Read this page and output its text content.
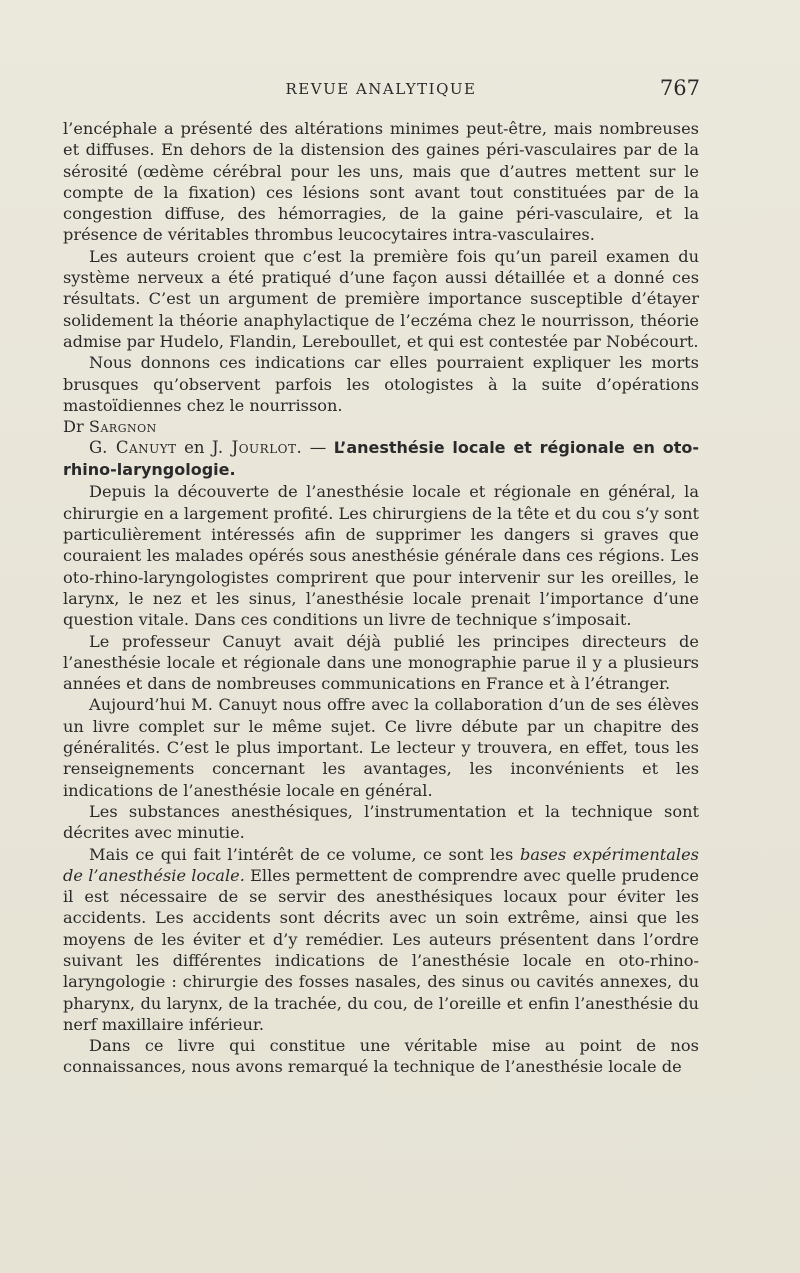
REVUE ANALYTIQUE	767

l’encéphale a présenté des altérations minimes peut-être, mais nombreuses et diffuses. En dehors de la distension des gaines péri-vasculaires par de la sérosité (œdème cérébral pour les uns, mais que d’autres mettent sur le compte de la fixation) ces lésions sont avant tout constituées par de la congestion diffuse, des hémorragies, de la gaine péri-vasculaire, et la présence de véritables thrombus leucocytaires intra-vasculaires.

Les auteurs croient que c’est la première fois qu’un pareil examen du système nerveux a été pratiqué d’une façon aussi détaillée et a donné ces résultats. C’est un argument de première importance susceptible d’étayer solidement la théorie anaphylactique de l’eczéma chez le nourrisson, théorie admise par Hudelo, Flandin, Lereboullet, et qui est contestée par Nobécourt.

Nous donnons ces indications car elles pourraient expliquer les morts brusques qu’observent parfois les otologistes à la suite d’opérations mastoïdiennes chez le nourrisson.

Dr Sargnon

G. Canuyt en J. Jourlot. — L’anesthésie locale et régionale en oto-rhino-laryngologie.

Depuis la découverte de l’anesthésie locale et régionale en général, la chirurgie en a largement profité. Les chirurgiens de la tête et du cou s’y sont particulièrement intéressés afin de supprimer les dangers si graves que couraient les malades opérés sous anesthésie générale dans ces régions. Les oto-rhino-laryngologistes comprirent que pour intervenir sur les oreilles, le larynx, le nez et les sinus, l’anesthésie locale prenait l’importance d’une question vitale. Dans ces conditions un livre de technique s’imposait.

Le professeur Canuyt avait déjà publié les principes directeurs de l’anesthésie locale et régionale dans une monographie parue il y a plusieurs années et dans de nombreuses communications en France et à l’étranger.

Aujourd’hui M. Canuyt nous offre avec la collaboration d’un de ses élèves un livre complet sur le même sujet. Ce livre débute par un chapitre des généralités. C’est le plus important. Le lecteur y trouvera, en effet, tous les renseignements concernant les avantages, les inconvénients et les indications de l’anesthésie locale en général.

Les substances anesthésiques, l’instrumentation et la technique sont décrites avec minutie.

Mais ce qui fait l’intérêt de ce volume, ce sont les bases expérimentales de l’anesthésie locale. Elles permettent de comprendre avec quelle prudence il est nécessaire de se servir des anesthésiques locaux pour éviter les accidents. Les accidents sont décrits avec un soin extrême, ainsi que les moyens de les éviter et d’y remédier. Les auteurs présentent dans l’ordre suivant les différentes indications de l’anesthésie locale en oto-rhino-laryngologie : chirurgie des fosses nasales, des sinus ou cavités annexes, du pharynx, du larynx, de la trachée, du cou, de l’oreille et enfin l’anesthésie du nerf maxillaire inférieur.

Dans ce livre qui constitue une véritable mise au point de nos connaissances, nous avons remarqué la technique de l’anesthésie locale de
